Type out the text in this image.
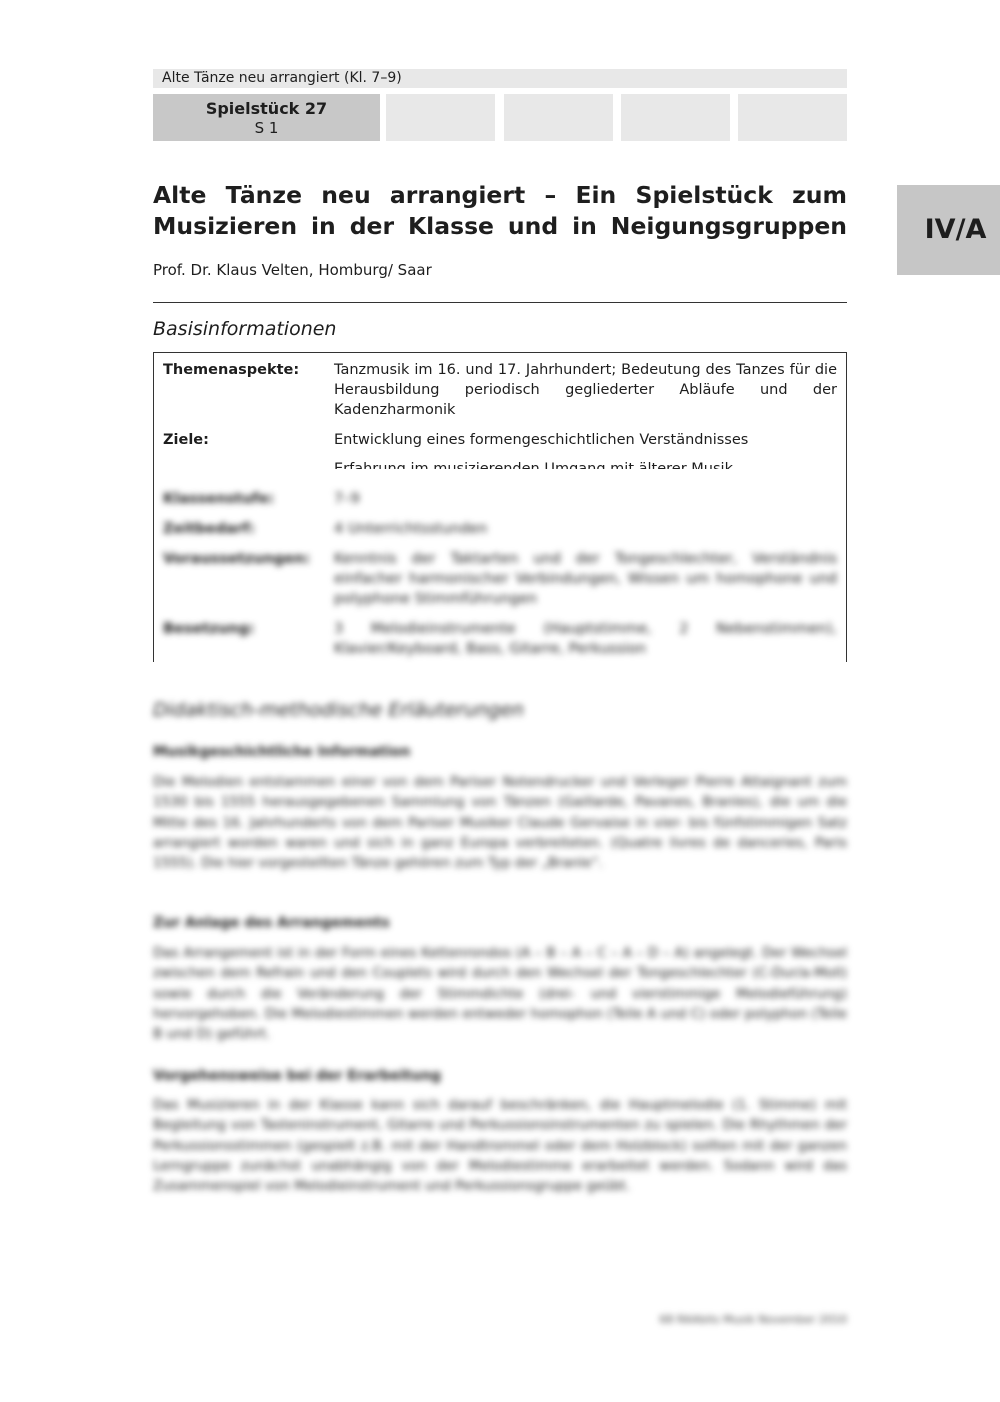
Alte Tänze neu arrangiert (Kl. 7–9)
Spielstück 27
S 1
IV/A
Alte Tänze neu arrangiert – Ein Spielstück zum
Musizieren in der Klasse und in Neigungsgruppen
Prof. Dr. Klaus Velten, Homburg/ Saar
Basisinformationen
Themenaspekte: Tanzmusik im 16. und 17. Jahrhundert; Bedeutung des Tanzes für die Herausbildung periodisch gegliederter Abläufe und der Kadenzharmonik
Ziele:	Entwicklung eines formengeschichtlichen Verständnisses
Klassenstufe:	7–9
Zeitbedarf:	4 Unterrichtsstunden
Voraussetzungen: Kenntnis der Taktarten und der Tongeschlechter, Verständnis einfacher harmonischer Verbindungen, Wissen um homophone und polyphone Stimmführungen
Besetzung:	3 Melodieinstrumente (Hauptstimme, 2 Nebenstimmen), Klavier/Keyboard, Bass, Gitarre, Perkussion
Didaktisch-methodische Erläuterungen
Musikgeschichtliche Information

Die Melodien entstammen einer von dem Pariser Notendrucker und Verleger Pierre Attaignant zum 1530 bis 1555 herausgegebenen Sammlung von Tänzen (Gaillarde, Pavanes, Branles), die um die Mitte des 16. Jahrhunderts von dem Pariser Musiker Claude Gervaise in vier- bis fünfstimmigen Satz arrangiert worden waren und sich in ganz Europa verbreiteten. (Quatre livres de danceries, Paris 1555). Die hier vorgestellten Tänze gehören zum Typ der „Branle“.

Zur Anlage des Arrangements

Das Arrangement ist in der Form eines Kettenrondos (A – B – A – C – A – D – A) angelegt. Der Wechsel zwischen dem Refrain und den Couplets wird durch den Wechsel der Tongeschlechter (C-Dur/a-Moll) sowie durch die Veränderung der Stimmdichte (drei- und vierstimmige Melodieführung) hervorgehoben. Die Melodiestimmen werden entweder homophon (Teile A und C) oder polyphon (Teile B und D) geführt.

Vorgehensweise bei der Erarbeitung

Das Musizieren in der Klasse kann sich darauf beschränken, die Hauptmelodie (1. Stimme) mit Begleitung von Tasteninstrument, Gitarre und Perkussionsinstrumenten zu spielen. Die Rhythmen der Perkussionsstimmen (gespielt z.B. mit der Handtrommel oder dem Holzblock) sollten mit der ganzen Lerngruppe zunächst unabhängig von der Melodiestimme erarbeitet werden. Sodann wird das Zusammenspiel von Melodieinstrument und Perkussionsgruppe geübt.

68 RAAbits Musik November 2010
